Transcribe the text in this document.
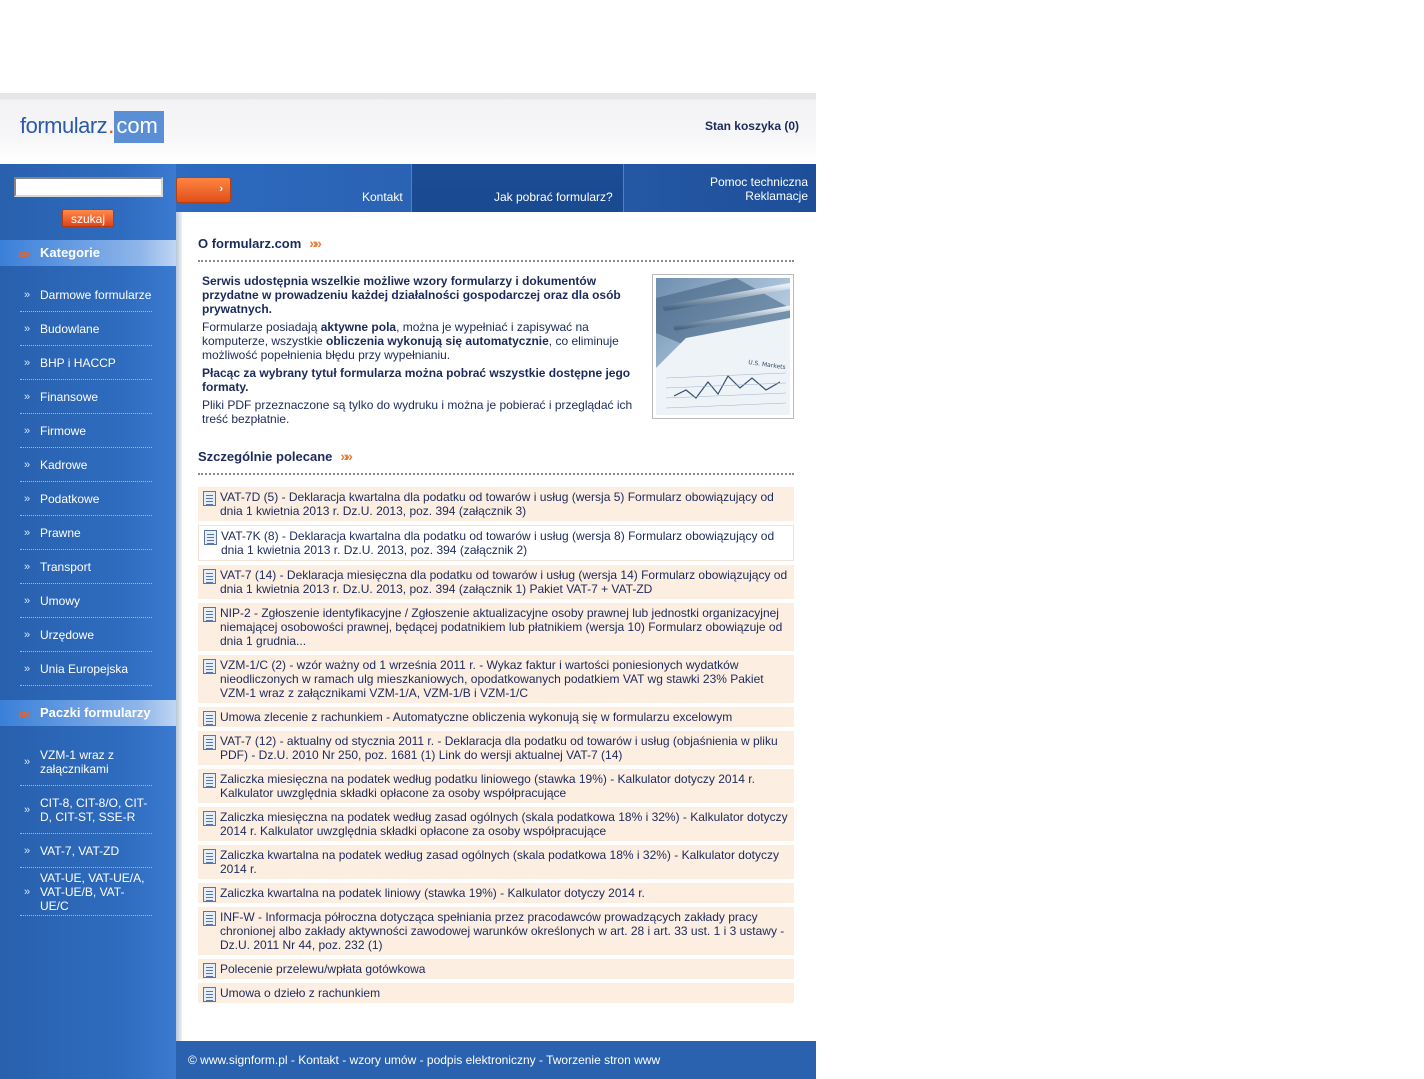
formularz . com	Stan koszyka (0)
szukaj
»» Kategorie
» Darmowe formularze
» Budowlane
» BHP i HACCP
» Finansowe
» Firmowe
» Kadrowe
» Podatkowe
» Prawne
» Transport
» Umowy
» Urzędowe
» Unia Europejska
»» Paczki formularzy
» VZM-1 wraz z załącznikami
» CIT-8, CIT-8/O, CIT-D, CIT-ST, SSE-R
» VAT-7, VAT-ZD
»
VAT-UE, VAT-UE/A, VAT-UE/B, VAT-UE/C
›
Kontakt	Jak pobrać formularz?
Pomoc techniczna
Reklamacje
O formularz.com »»

Serwis udostępnia wszelkie możliwe wzory formularzy i dokumentów przydatne w prowadzeniu każdej działalności gospodarczej oraz dla osób prywatnych.

Formularze posiadają aktywne pola, można je wypełniać i zapisywać na komputerze, wszystkie obliczenia wykonują się automatycznie, co eliminuje możliwość popełnienia błędu przy wypełnianiu.

Płacąc za wybrany tytuł formularza można pobrać wszystkie dostępne jego formaty.

Pliki PDF przeznaczone są tylko do wydruku i można je pobierać i przeglądać ich treść bezpłatnie.

U.S. Markets
Szczególnie polecane »»
VAT-7D (5) - Deklaracja kwartalna dla podatku od towarów i usług (wersja 5) Formularz obowiązujący od dnia 1 kwietnia 2013 r. Dz.U. 2013, poz. 394 (załącznik 3)
VAT-7K (8) - Deklaracja kwartalna dla podatku od towarów i usług (wersja 8) Formularz obowiązujący od dnia 1 kwietnia 2013 r. Dz.U. 2013, poz. 394 (załącznik 2)
VAT-7 (14) - Deklaracja miesięczna dla podatku od towarów i usług (wersja 14) Formularz obowiązujący od dnia 1 kwietnia 2013 r. Dz.U. 2013, poz. 394 (załącznik 1) Pakiet VAT-7 + VAT-ZD
NIP-2 - Zgłoszenie identyfikacyjne / Zgłoszenie aktualizacyjne osoby prawnej lub jednostki organizacyjnej niemającej osobowości prawnej, będącej podatnikiem lub płatnikiem (wersja 10) Formularz obowiązuje od dnia 1 grudnia...
VZM-1/C (2) - wzór ważny od 1 września 2011 r. - Wykaz faktur i wartości poniesionych wydatków nieodliczonych w ramach ulg mieszkaniowych, opodatkowanych podatkiem VAT wg stawki 23% Pakiet VZM-1 wraz z załącznikami VZM-1/A, VZM-1/B i VZM-1/C
Umowa zlecenie z rachunkiem - Automatyczne obliczenia wykonują się w formularzu excelowym
VAT-7 (12) - aktualny od stycznia 2011 r. - Deklaracja dla podatku od towarów i usług (objaśnienia w pliku PDF) - Dz.U. 2010 Nr 250, poz. 1681 (1) Link do wersji aktualnej VAT-7 (14)
Zaliczka miesięczna na podatek według podatku liniowego (stawka 19%) - Kalkulator dotyczy 2014 r. Kalkulator uwzględnia składki opłacone za osoby współpracujące
Zaliczka miesięczna na podatek według zasad ogólnych (skala podatkowa 18% i 32%) - Kalkulator dotyczy 2014 r. Kalkulator uwzględnia składki opłacone za osoby współpracujące
Zaliczka kwartalna na podatek według zasad ogólnych (skala podatkowa 18% i 32%) - Kalkulator dotyczy 2014 r.
Zaliczka kwartalna na podatek liniowy (stawka 19%) - Kalkulator dotyczy 2014 r.
INF-W - Informacja półroczna dotycząca spełniania przez pracodawców prowadzących zakłady pracy chronionej albo zakłady aktywności zawodowej warunków określonych w art. 28 i art. 33 ust. 1 i 3 ustawy - Dz.U. 2011 Nr 44, poz. 232 (1)
Polecenie przelewu/wpłata gotówkowa
Umowa o dzieło z rachunkiem
© www.signform.pl - Kontakt - wzory umów - podpis elektroniczny - Tworzenie stron www
